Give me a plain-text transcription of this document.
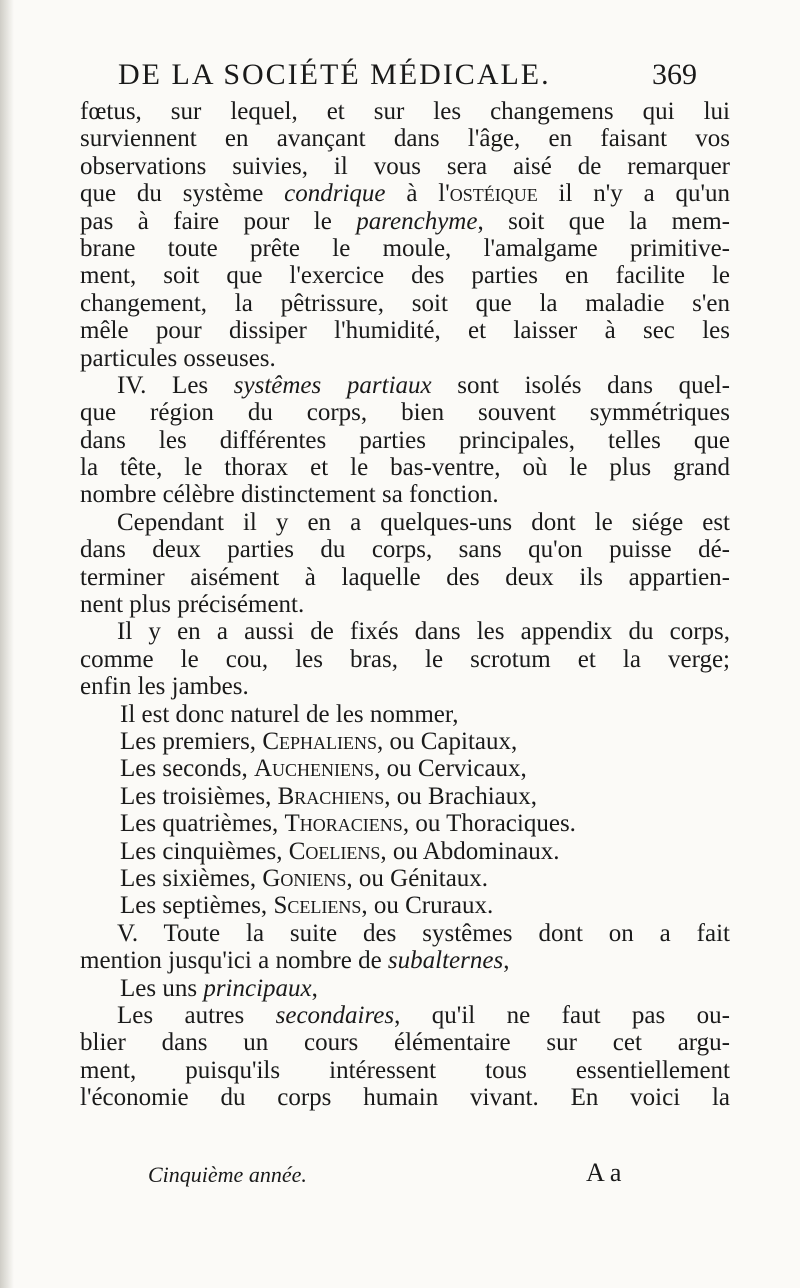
DE LA SOCIÉTÉ MÉDICALE.	369
fœtus, sur lequel, et sur les changemens qui lui
surviennent en avançant dans l'âge, en faisant vos
observations suivies, il vous sera aisé de remarquer
que du système condrique à l'ostéique il n'y a qu'un
pas à faire pour le parenchyme, soit que la mem-
brane toute prête le moule, l'amalgame primitive-
ment, soit que l'exercice des parties en facilite le
changement, la pêtrissure, soit que la maladie s'en
mêle pour dissiper l'humidité, et laisser à sec les
particules osseuses.
IV. Les systêmes partiaux sont isolés dans quel-
que région du corps, bien souvent symmétriques
dans les différentes parties principales, telles que
la tête, le thorax et le bas-ventre, où le plus grand
nombre célèbre distinctement sa fonction.
Cependant il y en a quelques-uns dont le siége est
dans deux parties du corps, sans qu'on puisse dé-
terminer aisément à laquelle des deux ils appartien-
nent plus précisément.
Il y en a aussi de fixés dans les appendix du corps,
comme le cou, les bras, le scrotum et la verge;
enfin les jambes.
Il est donc naturel de les nommer,
Les premiers, Cephaliens, ou Capitaux,
Les seconds, Aucheniens, ou Cervicaux,
Les troisièmes, Brachiens, ou Brachiaux,
Les quatrièmes, Thoraciens, ou Thoraciques.
Les cinquièmes, Coeliens, ou Abdominaux.
Les sixièmes, Goniens, ou Génitaux.
Les septièmes, Sceliens, ou Cruraux.
V. Toute la suite des systêmes dont on a fait
mention jusqu'ici a nombre de subalternes,
Les uns principaux,
Les autres secondaires, qu'il ne faut pas ou-
blier dans un cours élémentaire sur cet argu-
ment, puisqu'ils intéressent tous essentiellement
l'économie du corps humain vivant. En voici la
Cinquième année.	A a
